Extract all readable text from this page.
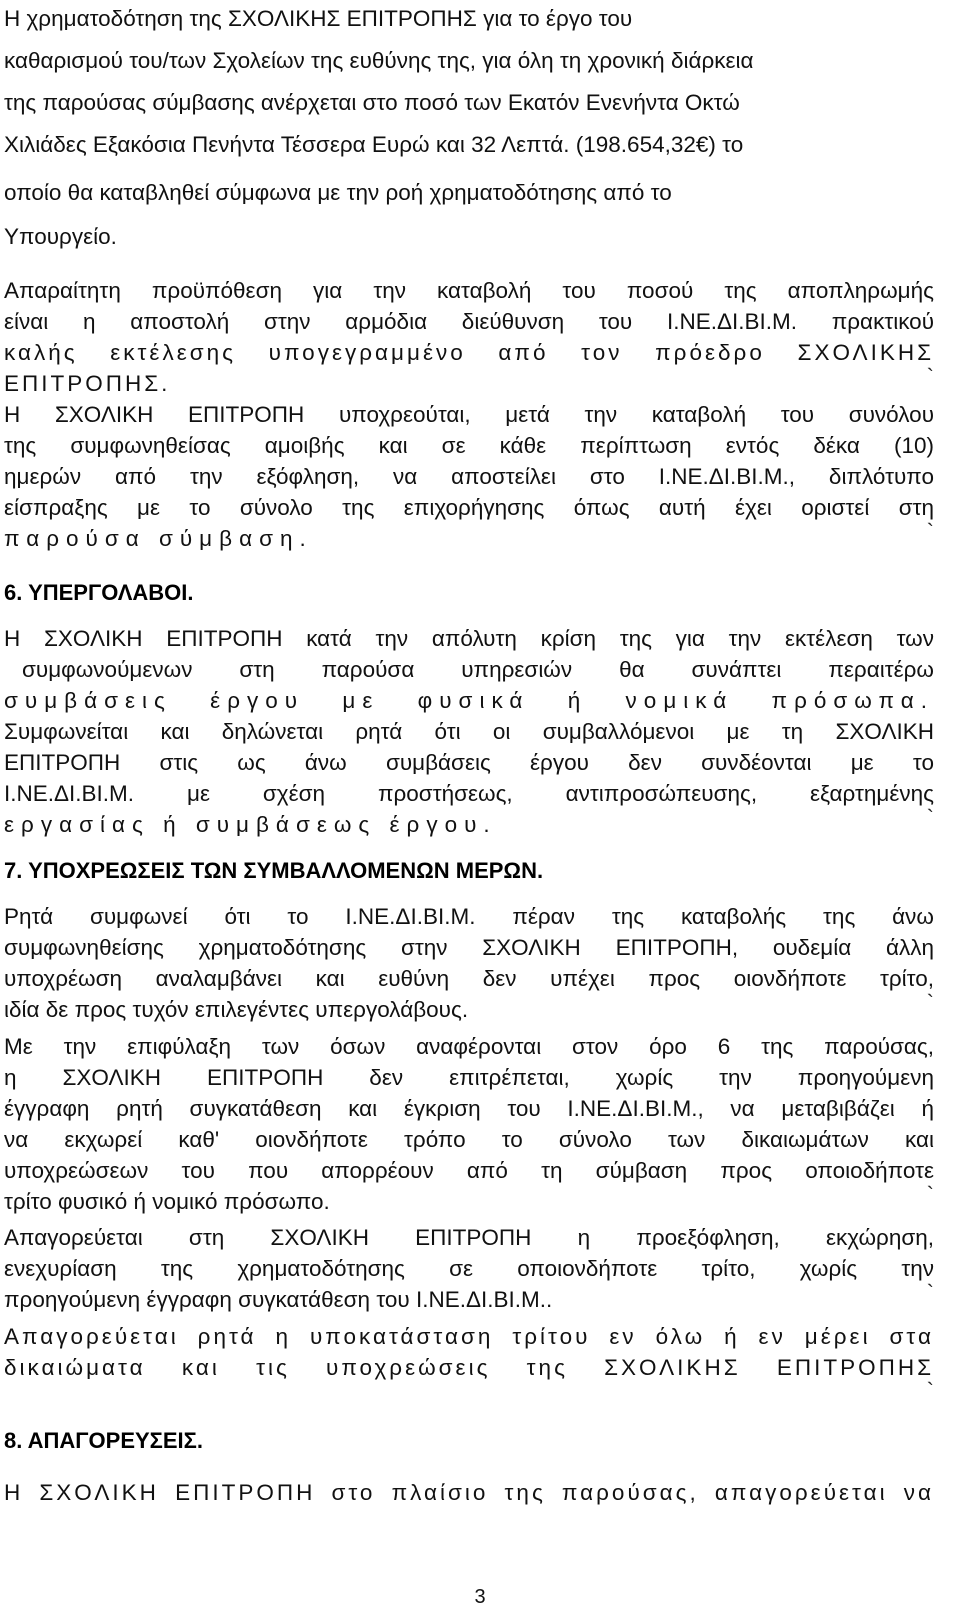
Η χρηματοδότηση της ΣΧΟΛΙΚΗΣ ΕΠΙΤΡΟΠΗΣ για το έργο του
καθαρισμού του/των Σχολείων της ευθύνης της, για όλη τη χρονική διάρκεια
της παρούσας σύμβασης ανέρχεται στο ποσό των Εκατόν Ενενήντα Οκτώ
Χιλιάδες Εξακόσια Πενήντα Τέσσερα Ευρώ και 32 Λεπτά. (198.654,32€) το
οποίο θα καταβληθεί σύμφωνα με την ροή χρηματοδότησης από το
Υπουργείο.
Απαραίτητη προϋπόθεση για την καταβολή του ποσού της αποπληρωμής
είναι η αποστολή στην αρμόδια διεύθυνση του Ι.ΝΕ.ΔΙ.ΒΙ.Μ. πρακτικού
καλής εκτέλεσης υπογεγραμμένο από τον πρόεδρο ΣΧΟΛΙΚΗΣ
ΕΠΙΤΡΟΠΗΣ.	`
Η ΣΧΟΛΙΚΗ ΕΠΙΤΡΟΠΗ υποχρεούται, μετά την καταβολή του συνόλου
της συμφωνηθείσας αμοιβής και σε κάθε περίπτωση εντός δέκα (10)
ημερών από την εξόφληση, να αποστείλει στο Ι.ΝΕ.ΔΙ.ΒΙ.Μ., διπλότυπο
είσπραξης με το σύνολο της επιχορήγησης όπως αυτή έχει οριστεί στη
παρούσα σύμβαση.	`
6. ΥΠΕΡΓΟΛΑΒΟΙ.
Η ΣΧΟΛΙΚΗ ΕΠΙΤΡΟΠΗ κατά την απόλυτη κρίση της για την εκτέλεση των
συμφωνούμενων στη παρούσα υπηρεσιών θα συνάπτει περαιτέρω
συμβάσεις έργου με φυσικά ή νομικά πρόσωπα.
Συμφωνείται και δηλώνεται ρητά ότι οι συμβαλλόμενοι με τη ΣΧΟΛΙΚΗ
ΕΠΙΤΡΟΠΗ στις ως άνω συμβάσεις έργου δεν συνδέονται με το
Ι.ΝΕ.ΔΙ.ΒΙ.Μ. με σχέση προστήσεως, αντιπροσώπευσης, εξαρτημένης
εργασίας ή συμβάσεως έργου.	`
7. ΥΠΟΧΡΕΩΣΕΙΣ ΤΩΝ ΣΥΜΒΑΛΛΟΜΕΝΩΝ ΜΕΡΩΝ.
Ρητά συμφωνεί ότι το Ι.ΝΕ.ΔΙ.ΒΙ.Μ. πέραν της καταβολής της άνω
συμφωνηθείσης χρηματοδότησης στην ΣΧΟΛΙΚΗ ΕΠΙΤΡΟΠΗ, ουδεμία άλλη
υποχρέωση αναλαμβάνει και ευθύνη δεν υπέχει προς οιονδήποτε τρίτο,
ιδία δε προς τυχόν επιλεγέντες υπεργολάβους.	`
Με την επιφύλαξη των όσων αναφέρονται στον όρο 6 της παρούσας,
η ΣΧΟΛΙΚΗ ΕΠΙΤΡΟΠΗ δεν επιτρέπεται, χωρίς την προηγούμενη
έγγραφη ρητή συγκατάθεση και έγκριση του Ι.ΝΕ.ΔΙ.ΒΙ.Μ., να μεταβιβάζει ή
να εκχωρεί καθ' οιονδήποτε τρόπο το σύνολο των δικαιωμάτων και
υποχρεώσεων του που απορρέουν από τη σύμβαση προς οποιοδήποτε
τρίτο φυσικό ή νομικό πρόσωπο.	`
Απαγορεύεται στη ΣΧΟΛΙΚΗ ΕΠΙΤΡΟΠΗ η προεξόφληση, εκχώρηση,
ενεχυρίαση της χρηματοδότησης σε οποιονδήποτε τρίτο, χωρίς την
προηγούμενη έγγραφη συγκατάθεση του Ι.ΝΕ.ΔΙ.ΒΙ.Μ..	`
Απαγορεύεται ρητά η υποκατάσταση τρίτου εν όλω ή εν μέρει στα
δικαιώματα και τις υποχρεώσεις της ΣΧΟΛΙΚΗΣ ΕΠΙΤΡΟΠΗΣ
`
8. ΑΠΑΓΟΡΕΥΣΕΙΣ.
Η ΣΧΟΛΙΚΗ ΕΠΙΤΡΟΠΗ στο πλαίσιο της παρούσας, απαγορεύεται να
3
